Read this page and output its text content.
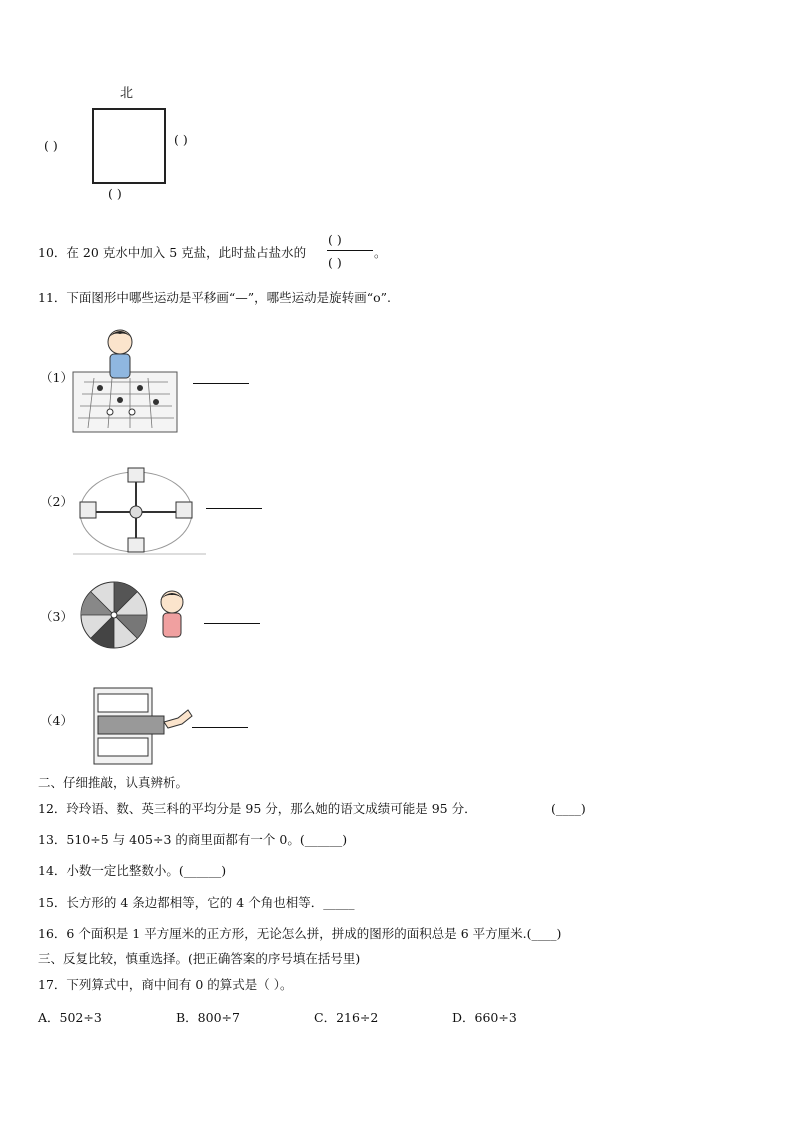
北
( )	( )
( )
10．在 20 克水中加入 5 克盐，此时盐占盐水的
( )
( )
。
11．下面图形中哪些运动是平移画“—”，哪些运动是旋转画“o”.
（1）
（2）
（3）
（4）
二、仔细推敲，认真辨析。
12．玲玲语、数、英三科的平均分是 95 分，那么她的语文成绩可能是 95 分．	(____)
13．510÷5 与 405÷3 的商里面都有一个 0。(______)
14．小数一定比整数小。(______)
15．长方形的 4 条边都相等，它的 4 个角也相等．_____
16．6 个面积是 1 平方厘米的正方形，无论怎么拼，拼成的图形的面积总是 6 平方厘米.(____)
三、反复比较，慎重选择。(把正确答案的序号填在括号里)
17．下列算式中，商中间有 0 的算式是（ ）。
A．502÷3	B．800÷7	C．216÷2	D．660÷3
